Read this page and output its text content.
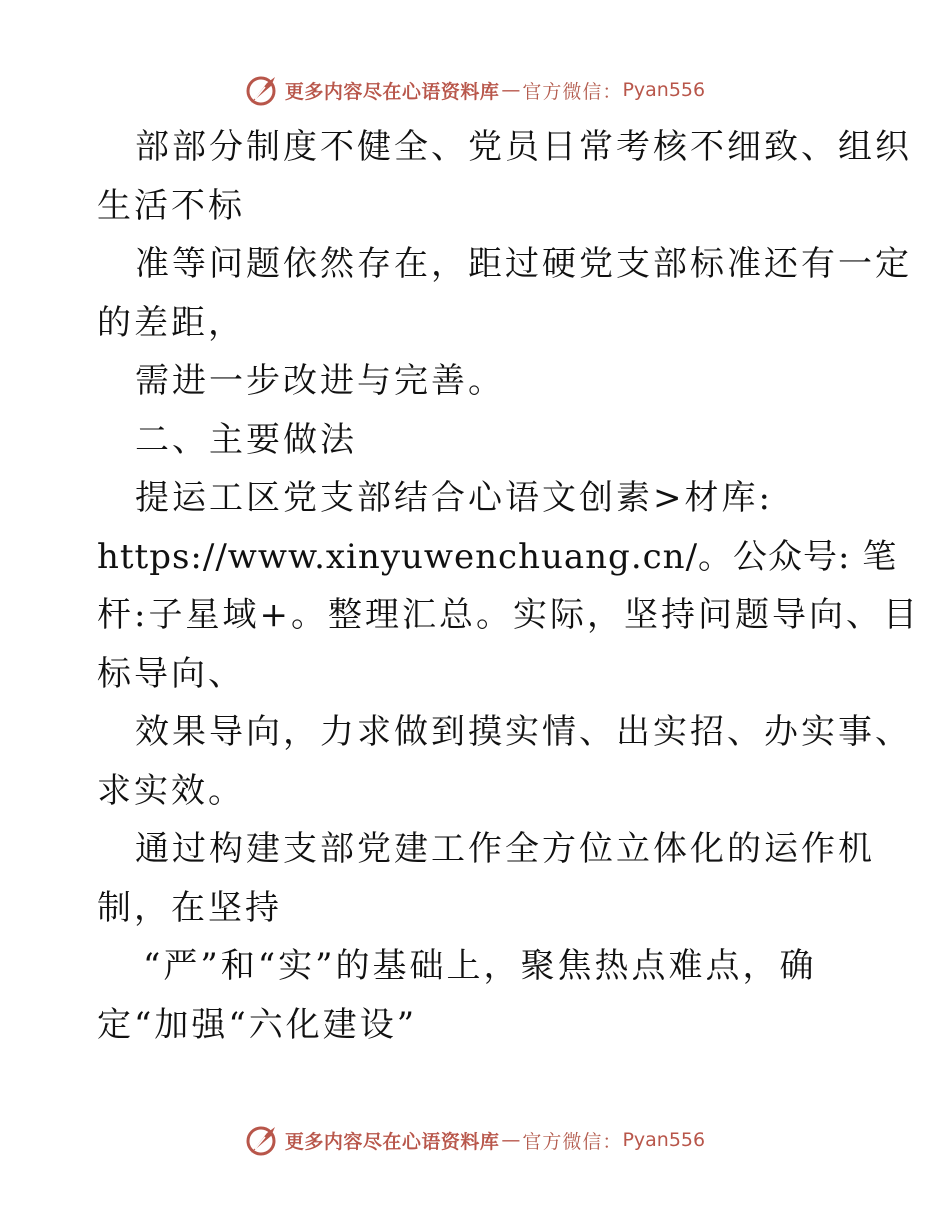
更多内容尽在心语资料库 — 官方微信： Pyan556
部部分制度不健全、党员日常考核不细致、组织
生活不标
准等问题依然存在，距过硬党支部标准还有一定
的差距，
需进一步改进与完善。
二、主要做法
提运工区党支部结合心语文创素>材库:
https://www.xinyuwenchuang.cn/。公众号: 笔
杆:子星域+。整理汇总。实际，坚持问题导向、目
标导向、
效果导向，力求做到摸实情、出实招、办实事、
求实效。
通过构建支部党建工作全方位立体化的运作机
制，在坚持
“严”和“实”的基础上，聚焦热点难点，确
定“加强“六化建设”
更多内容尽在心语资料库 — 官方微信： Pyan556
